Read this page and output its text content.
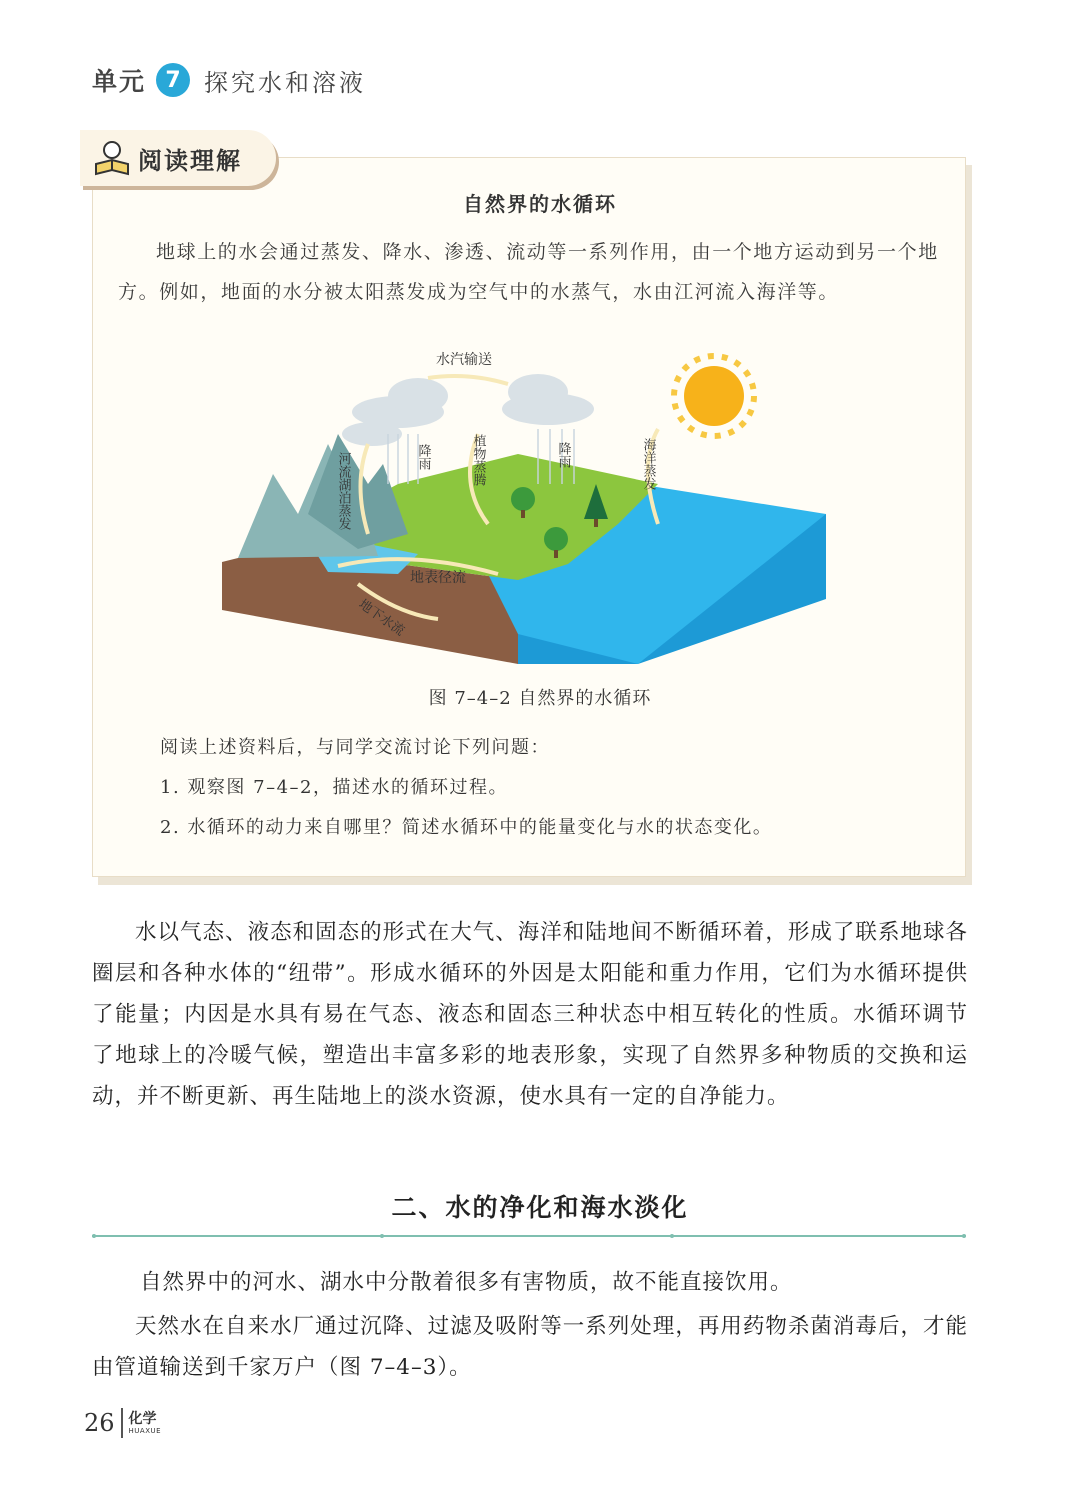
单元 7 探究水和溶液
阅读理解
自然界的水循环
地球上的水会通过蒸发、降水、渗透、流动等一系列作用，由一个地方运动到另一个地方。例如，地面的水分被太阳蒸发成为空气中的水蒸气，水由江河流入海洋等。
水汽输送
河流湖泊蒸发	降雨	植物蒸腾	降雨	海洋蒸发
地表径流
地下水流
图 7–4–2 自然界的水循环
阅读上述资料后，与同学交流讨论下列问题：
1. 观察图 7–4–2，描述水的循环过程。
2. 水循环的动力来自哪里？简述水循环中的能量变化与水的状态变化。
水以气态、液态和固态的形式在大气、海洋和陆地间不断循环着，形成了联系地球各圈层和各种水体的“纽带”。形成水循环的外因是太阳能和重力作用，它们为水循环提供了能量；内因是水具有易在气态、液态和固态三种状态中相互转化的性质。水循环调节了地球上的冷暖气候，塑造出丰富多彩的地表形象，实现了自然界多种物质的交换和运动，并不断更新、再生陆地上的淡水资源，使水具有一定的自净能力。
二、水的净化和海水淡化
自然界中的河水、湖水中分散着很多有害物质，故不能直接饮用。
天然水在自来水厂通过沉降、过滤及吸附等一系列处理，再用药物杀菌消毒后，才能由管道输送到千家万户（图 7–4–3）。
26 化学
HUAXUE
